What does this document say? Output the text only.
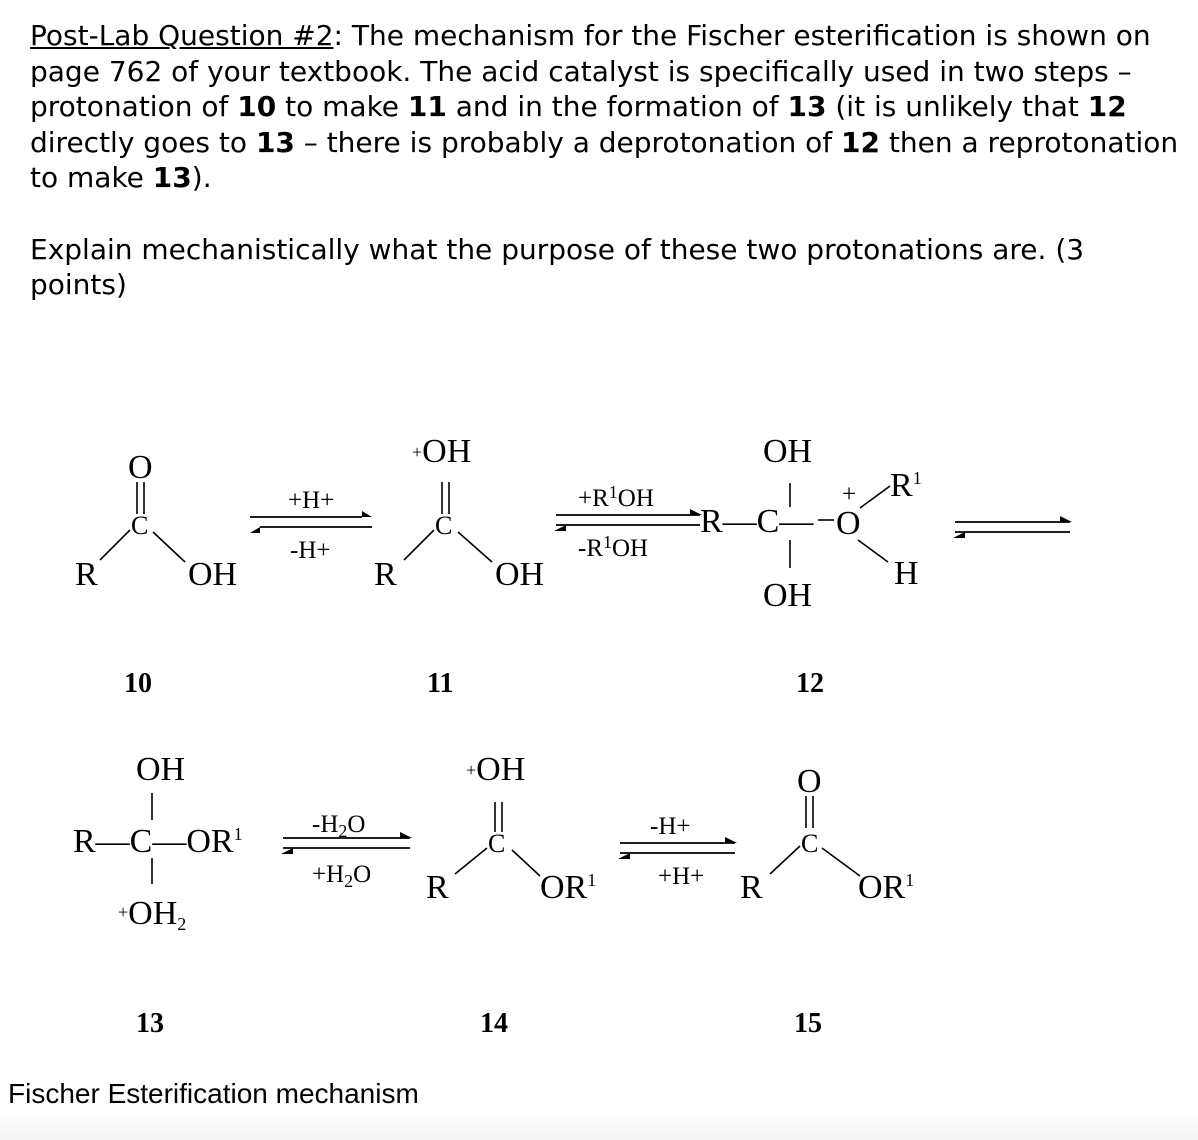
Post-Lab Question #2: The mechanism for the Fischer esterification is shown on page 762 of your textbook. The acid catalyst is specifically used in two steps – protonation of 10 to make 11 and in the formation of 13 (it is unlikely that 12 directly goes to 13 – there is probably a deprotonation of 12 then a reprotonation to make 13).

Explain mechanistically what the purpose of these two protonations are. (3 points)

O
C
R	OH
10
+H+
-H+
+OH
C
R	OH
11
$+R^1OH$
$-R^1OH$
OH
R—C— O
+ $R^1$
H
OH
12
OH
$R—C—OR^1$
+OH2
13
$-H_2O$
$+H_2O$
+OH
C
R	$OR^1$
14
-H+
+H+
O
C
R	$OR^1$
15
Fischer Esterification mechanism
